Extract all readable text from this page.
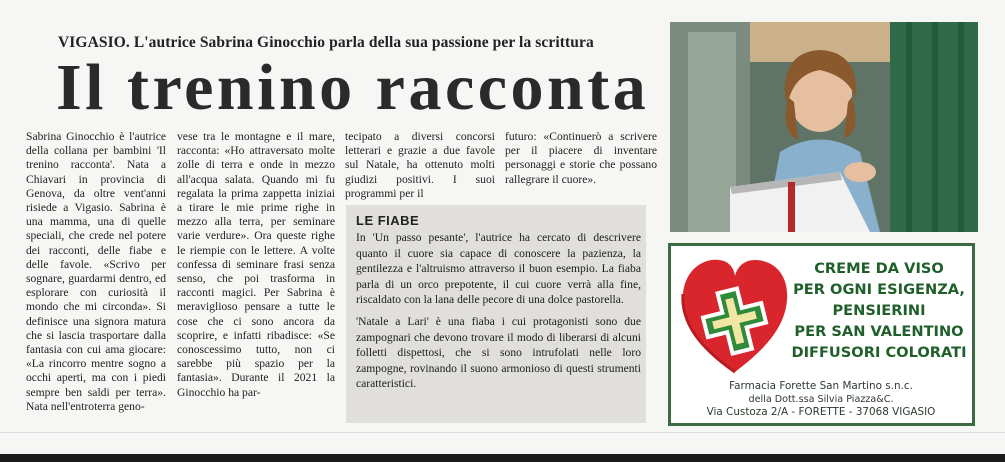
VIGASIO. L'autrice Sabrina Ginocchio parla della sua passione per la scrittura
Il trenino racconta

Sabrina Ginocchio è l'autrice della collana per bambini 'Il trenino racconta'. Nata a Chiavari in provincia di Genova, da oltre vent'anni risiede a Vigasio. Sabrina è una mamma, una di quelle speciali, che crede nel potere dei racconti, delle fiabe e delle favole. «Scrivo per sognare, guardarmi dentro, ed esplorare con curiosità il mondo che mi circonda». Si definisce una signora matura che si lascia trasportare dalla fantasia con cui ama giocare: «La rincorro mentre sogno a occhi aperti, ma con i piedi sempre ben saldi per terra». Nata nell'entroterra geno-

vese tra le montagne e il mare, racconta: «Ho attraversato molte zolle di terra e onde in mezzo all'acqua salata. Quando mi fu regalata la prima zappetta iniziai a tirare le mie prime righe in mezzo alla terra, per seminare varie verdure». Ora queste righe le riempie con le lettere. A volte confessa di seminare frasi senza senso, che poi trasforma in racconti magici. Per Sabrina è meraviglioso pensare a tutte le cose che ci sono ancora da scoprire, e infatti ribadisce: «Se conoscessimo tutto, non ci sarebbe più spazio per la fantasia». Durante il 2021 la Ginocchio ha par-

tecipato a diversi concorsi letterari e grazie a due favole sul Natale, ha ottenuto molti giudizi positivi. I suoi programmi per il

futuro: «Continuerò a scrivere per il piacere di inventare personaggi e storie che possano rallegrare il cuore».

LE FIABE

In 'Un passo pesante', l'autrice ha cercato di descrivere quanto il cuore sia capace di conoscere la pazienza, la gentilezza e l'altruismo attraverso il buon esempio. La fiaba parla di un orco prepotente, il cui cuore verrà alla fine, riscaldato con la lana delle pecore di una dolce pastorella.

'Natale a Lari' è una fiaba i cui protagonisti sono due zampognari che devono trovare il modo di liberarsi di alcuni folletti dispettosi, che si sono intrufolati nelle loro zampogne, rovinando il suono armonioso di questi strumenti caratteristici.

CREME DA VISO
PER OGNI ESIGENZA,
PENSIERINI
PER SAN VALENTINO
DIFFUSORI COLORATI
Farmacia Forette San Martino s.n.c.
della Dott.ssa Silvia Piazza&C.
Via Custoza 2/A - FORETTE - 37068 VIGASIO
